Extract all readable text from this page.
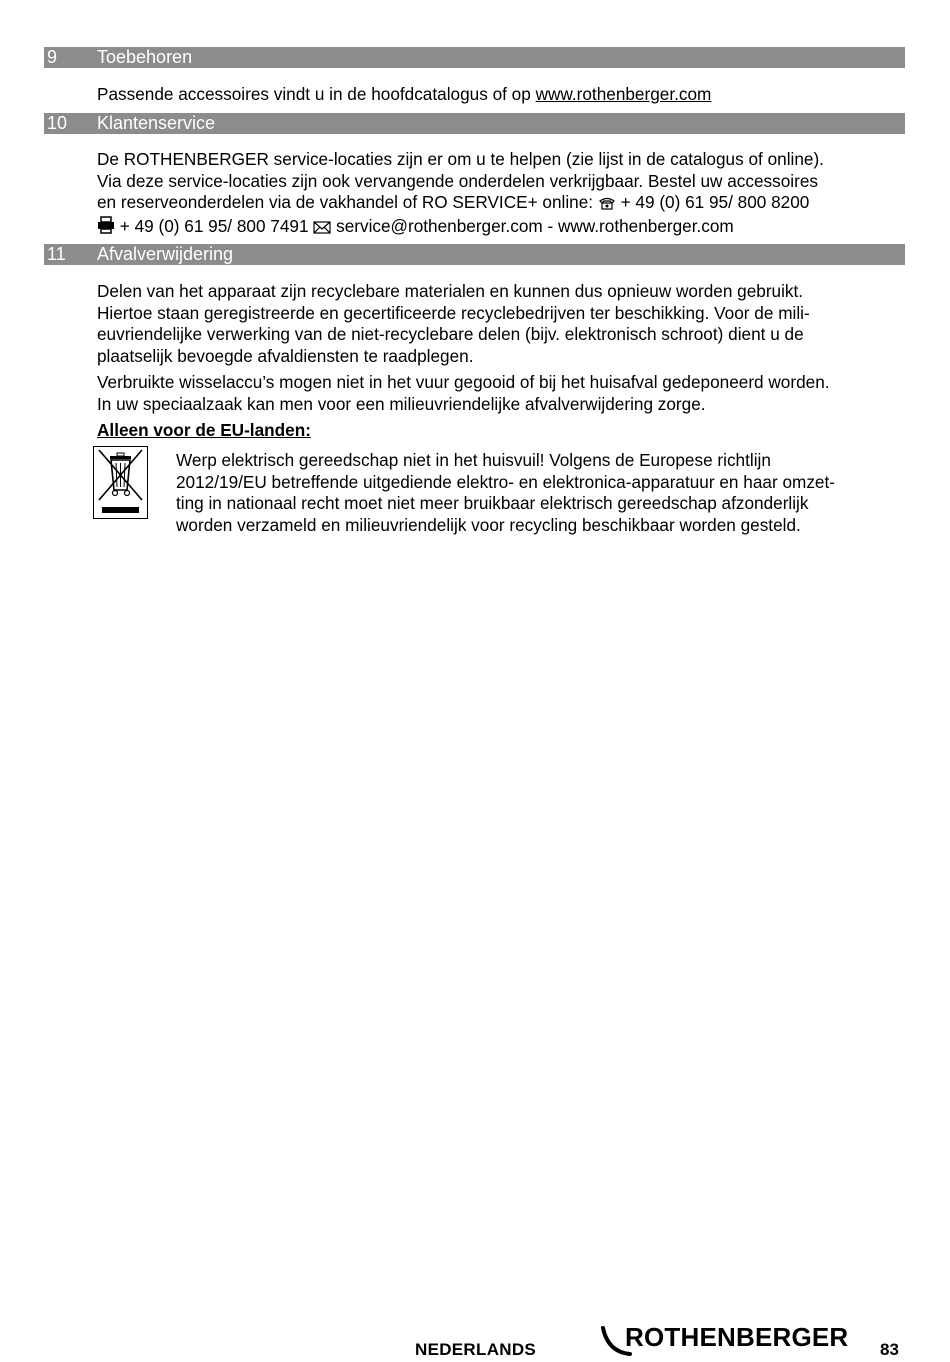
9 Toebehoren

Passende accessoires vindt u in de hoofdcatalogus of op www.rothenberger.com

10 Klantenservice

De ROTHENBERGER service-locaties zijn er om u te helpen (zie lijst in de catalogus of online).

Via deze service-locaties zijn ook vervangende onderdelen verkrijgbaar. Bestel uw accessoires

en reserveonderdelen via de vakhandel of RO SERVICE+ online: + 49 (0) 61 95/ 800 8200

+ 49 (0) 61 95/ 800 7491 service@rothenberger.com - www.rothenberger.com

11 Afvalverwijdering

Delen van het apparaat zijn recyclebare materialen en kunnen dus opnieuw worden gebruikt.

Hiertoe staan geregistreerde en gecertificeerde recyclebedrijven ter beschikking. Voor de mili-

euvriendelijke verwerking van de niet-recyclebare delen (bijv. elektronisch schroot) dient u de

plaatselijk bevoegde afvaldiensten te raadplegen.

Verbruikte wisselaccu’s mogen niet in het vuur gegooid of bij het huisafval gedeponeerd worden.

In uw speciaalzaak kan men voor een milieuvriendelijke afvalverwijdering zorge.

Alleen voor de EU-landen:
Werp elektrisch gereedschap niet in het huisvuil! Volgens de Europese richtlijn
2012/19/EU betreffende uitgediende elektro- en elektronica-apparatuur en haar omzet-
ting in nationaal recht moet niet meer bruikbaar elektrisch gereedschap afzonderlijk
worden verzameld en milieuvriendelijk voor recycling beschikbaar worden gesteld.
NEDERLANDS	ROTHENBERGER 83
